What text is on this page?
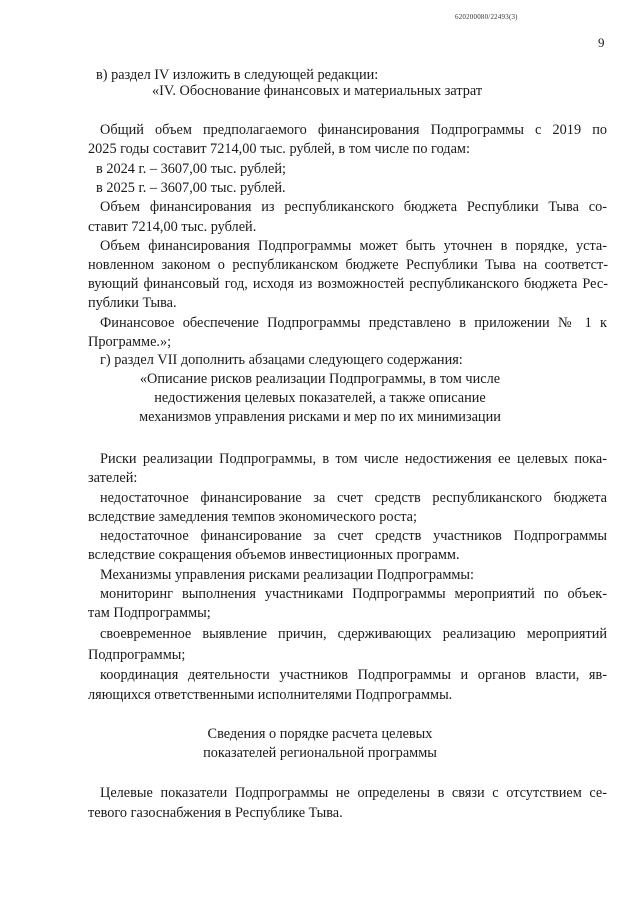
620200080/22493(3)
9
в) раздел IV изложить в следующей редакции:
«IV. Обоснование финансовых и материальных затрат
Общий объем предполагаемого финансирования Подпрограммы с 2019 по
2025 годы составит 7214,00 тыс. рублей, в том числе по годам:
в 2024 г. – 3607,00 тыс. рублей;
в 2025 г. – 3607,00 тыс. рублей.
Объем финансирования из республиканского бюджета Республики Тыва со-
ставит 7214,00 тыс. рублей.
Объем финансирования Подпрограммы может быть уточнен в порядке, уста-
новленном законом о республиканском бюджете Республики Тыва на соответст-
вующий финансовый год, исходя из возможностей республиканского бюджета Рес-
публики Тыва.
Финансовое обеспечение Подпрограммы представлено в приложении № 1 к
Программе.»;
г) раздел VII дополнить абзацами следующего содержания:
«Описание рисков реализации Подпрограммы, в том числе
недостижения целевых показателей, а также описание
механизмов управления рисками и мер по их минимизации
Риски реализации Подпрограммы, в том числе недостижения ее целевых пока-
зателей:
недостаточное финансирование за счет средств республиканского бюджета
вследствие замедления темпов экономического роста;
недостаточное финансирование за счет средств участников Подпрограммы
вследствие сокращения объемов инвестиционных программ.
Механизмы управления рисками реализации Подпрограммы:
мониторинг выполнения участниками Подпрограммы мероприятий по объек-
там Подпрограммы;
своевременное выявление причин, сдерживающих реализацию мероприятий
Подпрограммы;
координация деятельности участников Подпрограммы и органов власти, яв-
ляющихся ответственными исполнителями Подпрограммы.
Сведения о порядке расчета целевых
показателей региональной программы
Целевые показатели Подпрограммы не определены в связи с отсутствием се-
тевого газоснабжения в Республике Тыва.
